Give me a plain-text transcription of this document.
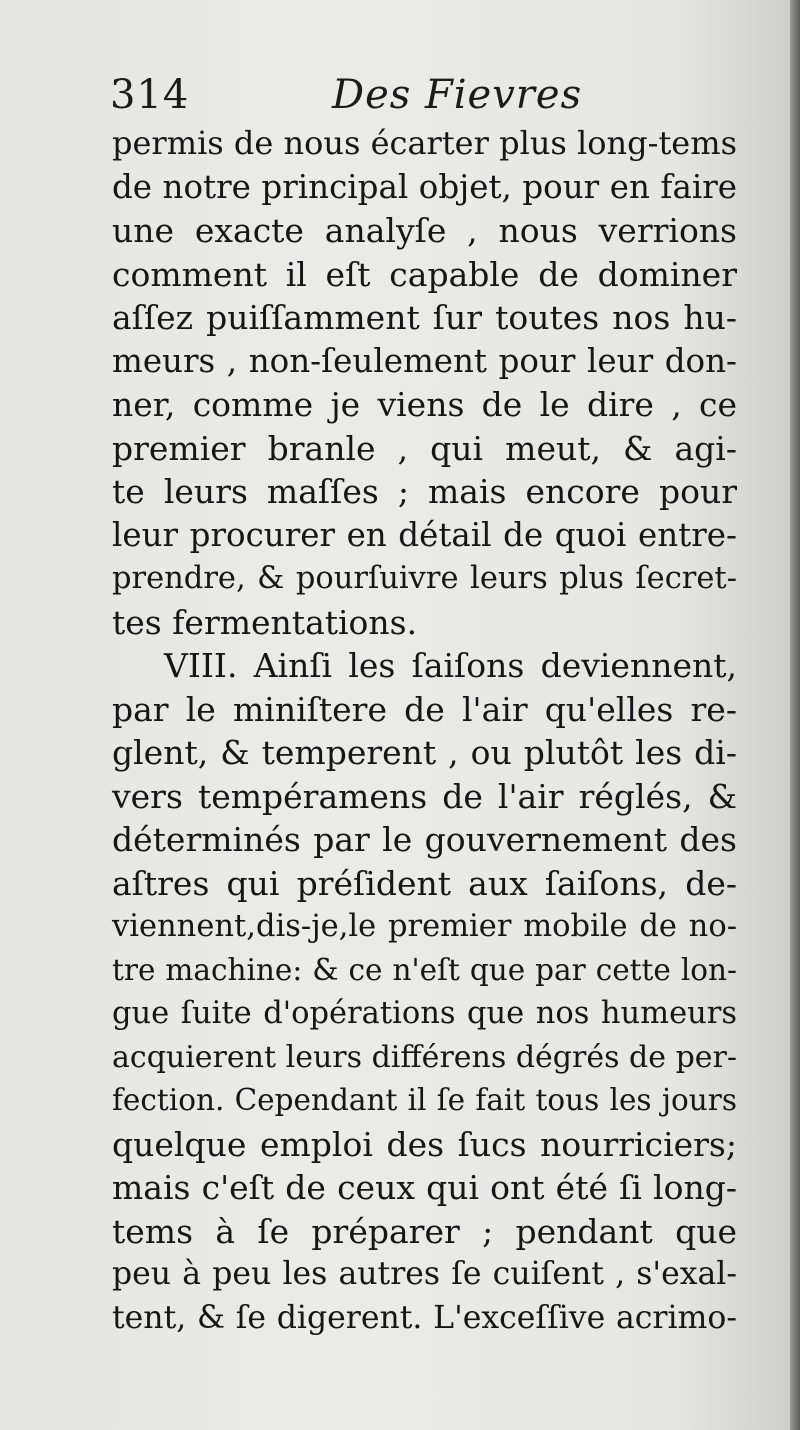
314	Des Fievres
permis de nous écarter plus long-tems
de notre principal objet, pour en faire
une exacte analyſe , nous verrions
comment il eſt capable de dominer
aſſez puiſſamment ſur toutes nos hu-
meurs , non-ſeulement pour leur don-
ner, comme je viens de le dire , ce
premier branle , qui meut, & agi-
te leurs maſſes ; mais encore pour
leur procurer en détail de quoi entre-
prendre, & pourſuivre leurs plus ſecret-
tes fermentations.
VIII. Ainſi les ſaiſons deviennent,
par le miniſtere de l'air qu'elles re-
glent, & temperent , ou plutôt les di-
vers tempéramens de l'air réglés, &
déterminés par le gouvernement des
aſtres qui préſident aux ſaiſons, de-
viennent,dis-je,le premier mobile de no-
tre machine: & ce n'eſt que par cette lon-
gue ſuite d'opérations que nos humeurs
acquierent leurs différens dégrés de per-
fection. Cependant il ſe fait tous les jours
quelque emploi des ſucs nourriciers;
mais c'eſt de ceux qui ont été ſi long-
tems à ſe préparer ; pendant que
peu à peu les autres ſe cuiſent , s'exal-
tent, & ſe digerent. L'exceſſive acrimo-
